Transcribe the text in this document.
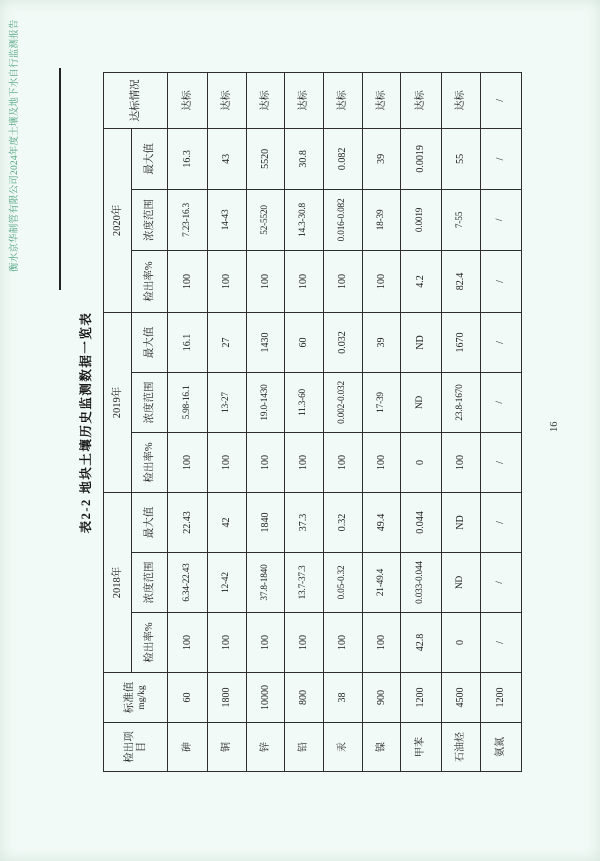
衡水京华制管有限公司2024年度土壤及地下水自行监测报告
16
表2-2 地块土壤历史监测数据一览表
检出项目	标准值 mg/kg	2018年			2019年			2020年			达标情况
		检出率%	浓度范围	最大值	检出率%	浓度范围	最大值	检出率%	浓度范围	最大值	
砷	60	100	6.34-22.43	22.43	100	5.98-16.1	16.1	100	7.23-16.3	16.3	达标
铜	1800	100	12-42	42	100	13-27	27	100	14-43	43	达标
锌	10000	100	37.8-1840	1840	100	19.0-1430	1430	100	52-5520	5520	达标
铅	800	100	13.7-37.3	37.3	100	11.3-60	60	100	14.3-30.8	30.8	达标
汞	38	100	0.05-0.32	0.32	100	0.002-0.032	0.032	100	0.016-0.082	0.082	达标
镍	900	100	21-49.4	49.4	100	17-39	39	100	18-39	39	达标
甲苯	1200	42.8	0.033-0.044	0.044	0	ND	ND	4.2	0.0019	0.0019	达标
石油烃	4500	0	ND	ND	100	23.8-1670	1670	82.4	7-55	55	达标
氨氮	1200	/	/	/	/	/	/	/	/	/	/
